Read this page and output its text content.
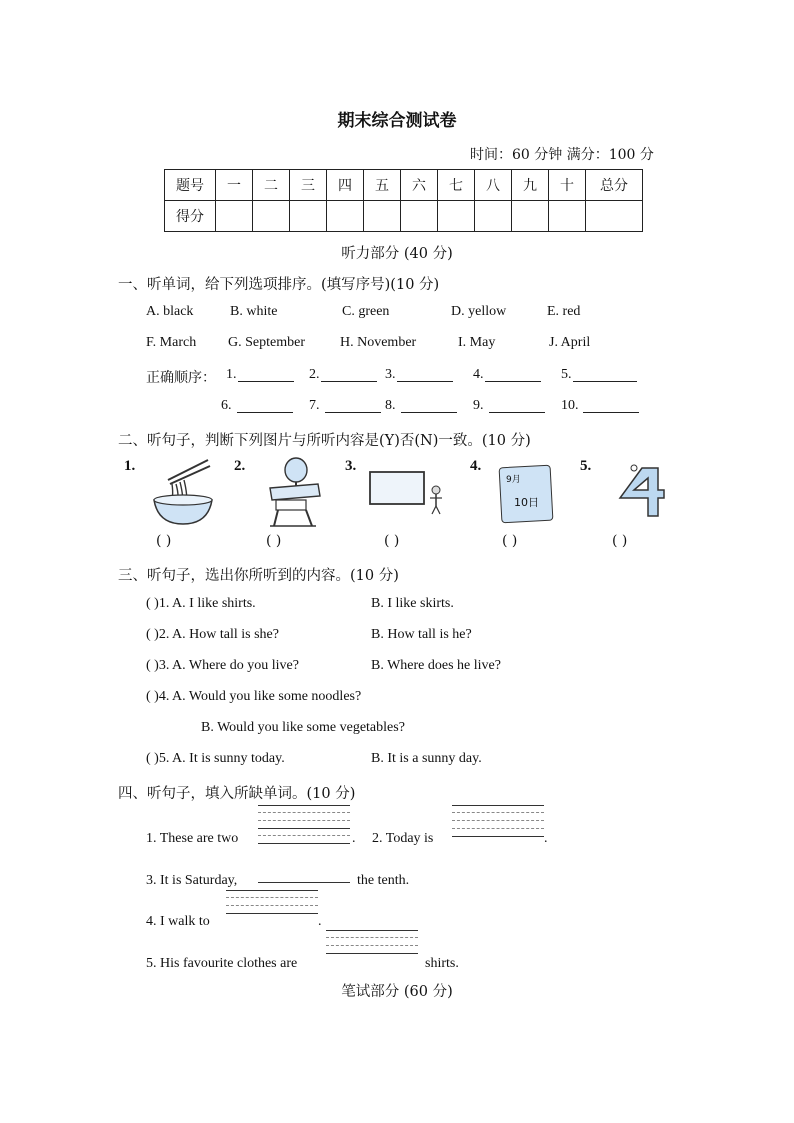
期末综合测试卷
时间：60 分钟 满分：100 分
题号	一	二	三	四	五	六	七	八	九	十	总分
得分											
听力部分 (40 分)
一、听单词，给下列选项排序。(填写序号)(10 分)
正确顺序：
二、听句子，判断下列图片与所听内容是(Y)否(N)一致。(10 分)
1.	2.	3.	4.
9月
10日
5.
三、听句子，选出你所听到的内容。(10 分)
四、听句子，填入所缺单词。(10 分)
1. These are two	. 2. Today is	.
3. It is Saturday,	the tenth.
4. I walk to	.
5. His favourite clothes are	shirts.
笔试部分 (60 分)
A. black	B. white	C. green	D. yellow	E. red
F. March G. September	H. November	I. May	J. April
1.	2.	3.	4.	5.
6.	7.	8.	9.	10.
( )	( )	( )	( )	( )
( )1. A. I like shirts.	B. I like skirts.
( )2. A. How tall is she?	B. How tall is he?
( )3. A. Where do you live?	B. Where does he live?
( )4. A. Would you like some noodles?
B. Would you like some vegetables?
( )5. A. It is sunny today.	B. It is a sunny day.
